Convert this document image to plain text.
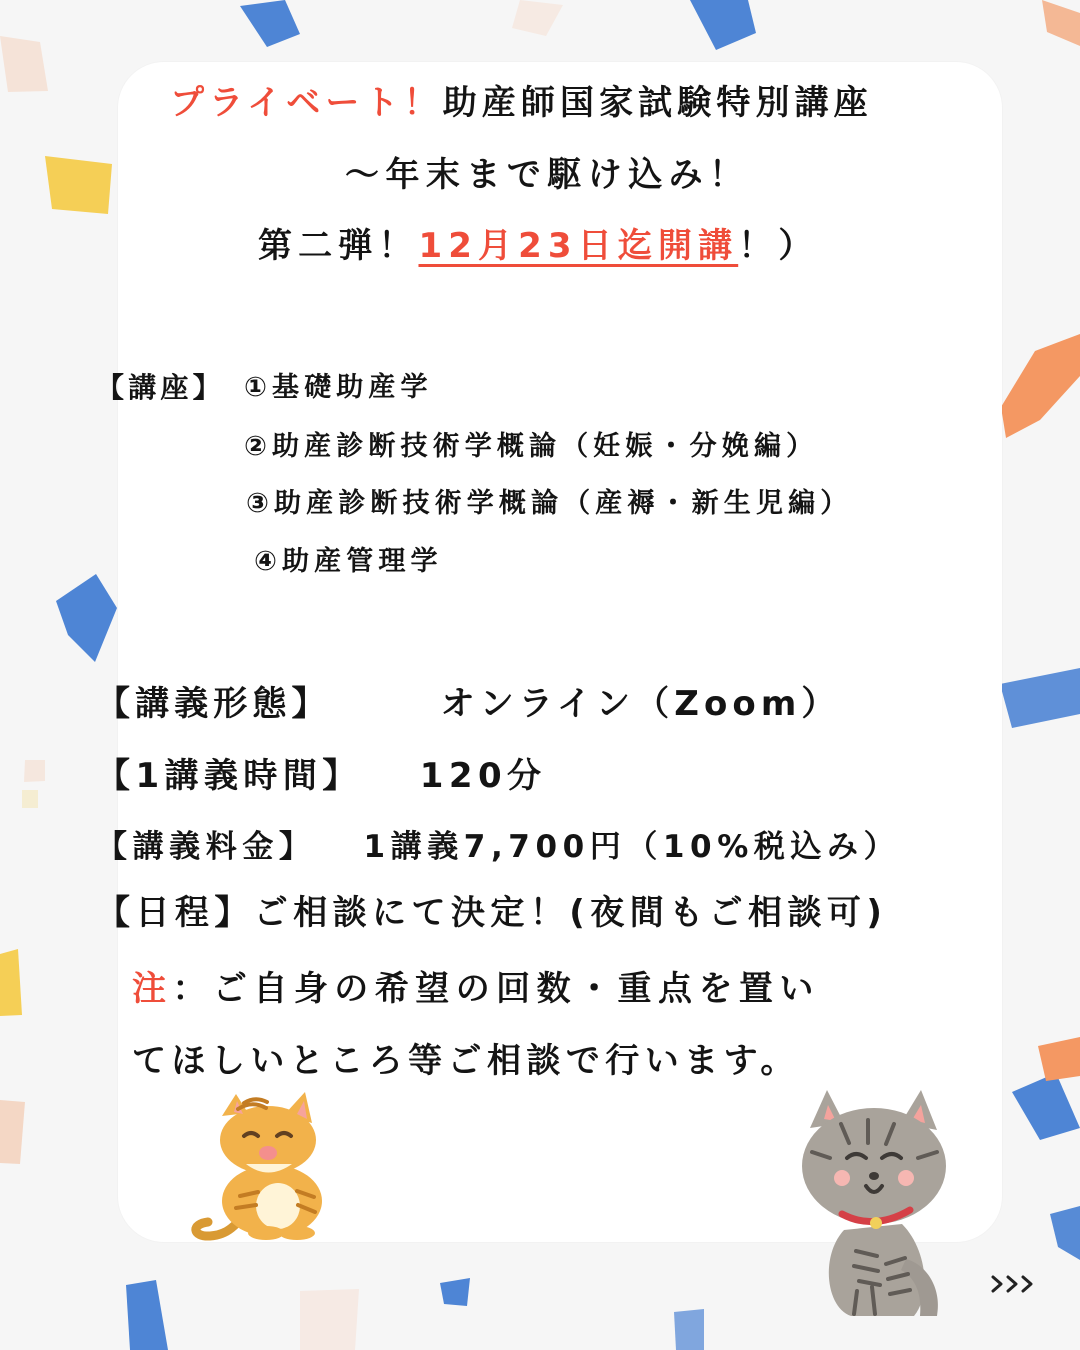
プライベート！助産師国家試験特別講座
〜年末まで駆け込み！
第二弾！12月23日迄開講！）
【講座】 ①基礎助産学
②助産診断技術学概論（妊娠・分娩編）
③助産診断技術学概論（産褥・新生児編）
④助産管理学
【講義形態】	オンライン（Zoom）
【1講義時間】 120分
【講義料金】 1講義7,700円（10%税込み）
【日程】ご相談にて決定！(夜間もご相談可)
注：ご自身の希望の回数・重点を置い
てほしいところ等ご相談で行います。
